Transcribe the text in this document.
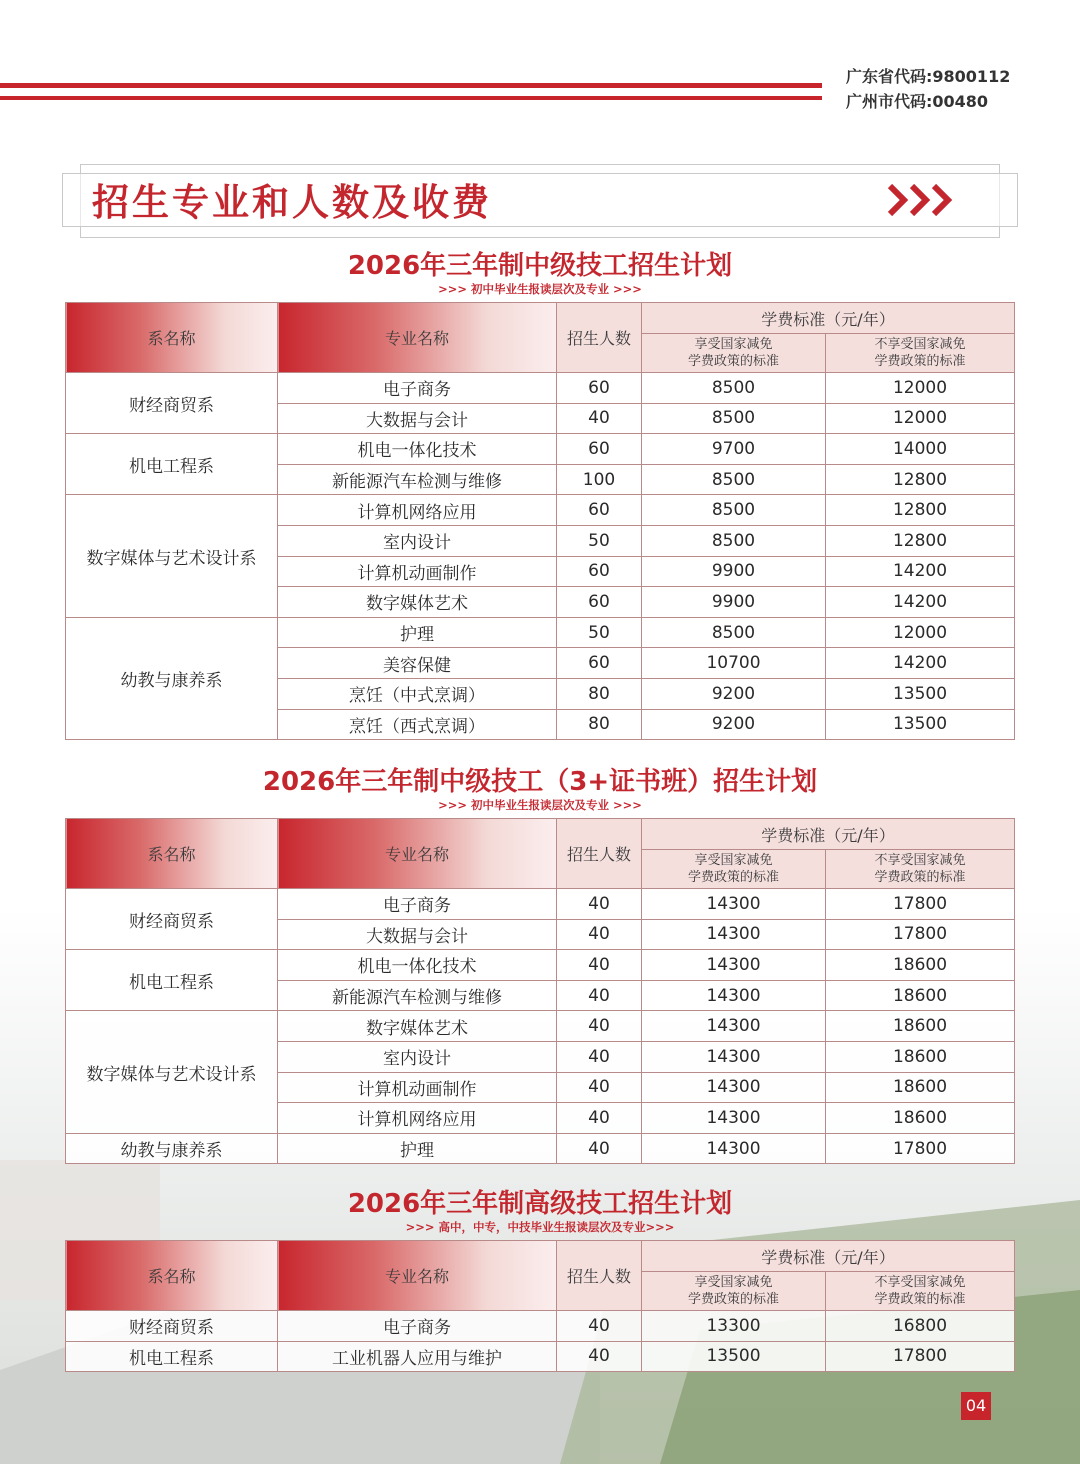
广东省代码:9800112
广州市代码:00480
招生专业和人数及收费
2026年三年制中级技工招生计划
>>> 初中毕业生报读层次及专业 >>>
系名称	专业名称	招生人数	学费标准（元/年）	
			享受国家减免
学费政策的标准	不享受国家减免
学费政策的标准
财经商贸系	电子商务	60	8500	12000
	大数据与会计	40	8500	12000
机电工程系	机电一体化技术	60	9700	14000
	新能源汽车检测与维修	100	8500	12800
数字媒体与艺术设计系	计算机网络应用	60	8500	12800
	室内设计	50	8500	12800
	计算机动画制作	60	9900	14200
	数字媒体艺术	60	9900	14200
幼教与康养系	护理	50	8500	12000
	美容保健	60	10700	14200
	烹饪（中式烹调）	80	9200	13500
	烹饪（西式烹调）	80	9200	13500
2026年三年制中级技工（3+证书班）招生计划
>>> 初中毕业生报读层次及专业 >>>
系名称	专业名称	招生人数	学费标准（元/年）	
			享受国家减免
学费政策的标准	不享受国家减免
学费政策的标准
财经商贸系	电子商务	40	14300	17800
	大数据与会计	40	14300	17800
机电工程系	机电一体化技术	40	14300	18600
	新能源汽车检测与维修	40	14300	18600
数字媒体与艺术设计系	数字媒体艺术	40	14300	18600
	室内设计	40	14300	18600
	计算机动画制作	40	14300	18600
	计算机网络应用	40	14300	18600
幼教与康养系	护理	40	14300	17800
2026年三年制高级技工招生计划
>>> 高中，中专，中技毕业生报读层次及专业>>>
系名称	专业名称	招生人数	学费标准（元/年）	
			享受国家减免
学费政策的标准	不享受国家减免
学费政策的标准
财经商贸系	电子商务	40	13300	16800
机电工程系	工业机器人应用与维护	40	13500	17800
04
